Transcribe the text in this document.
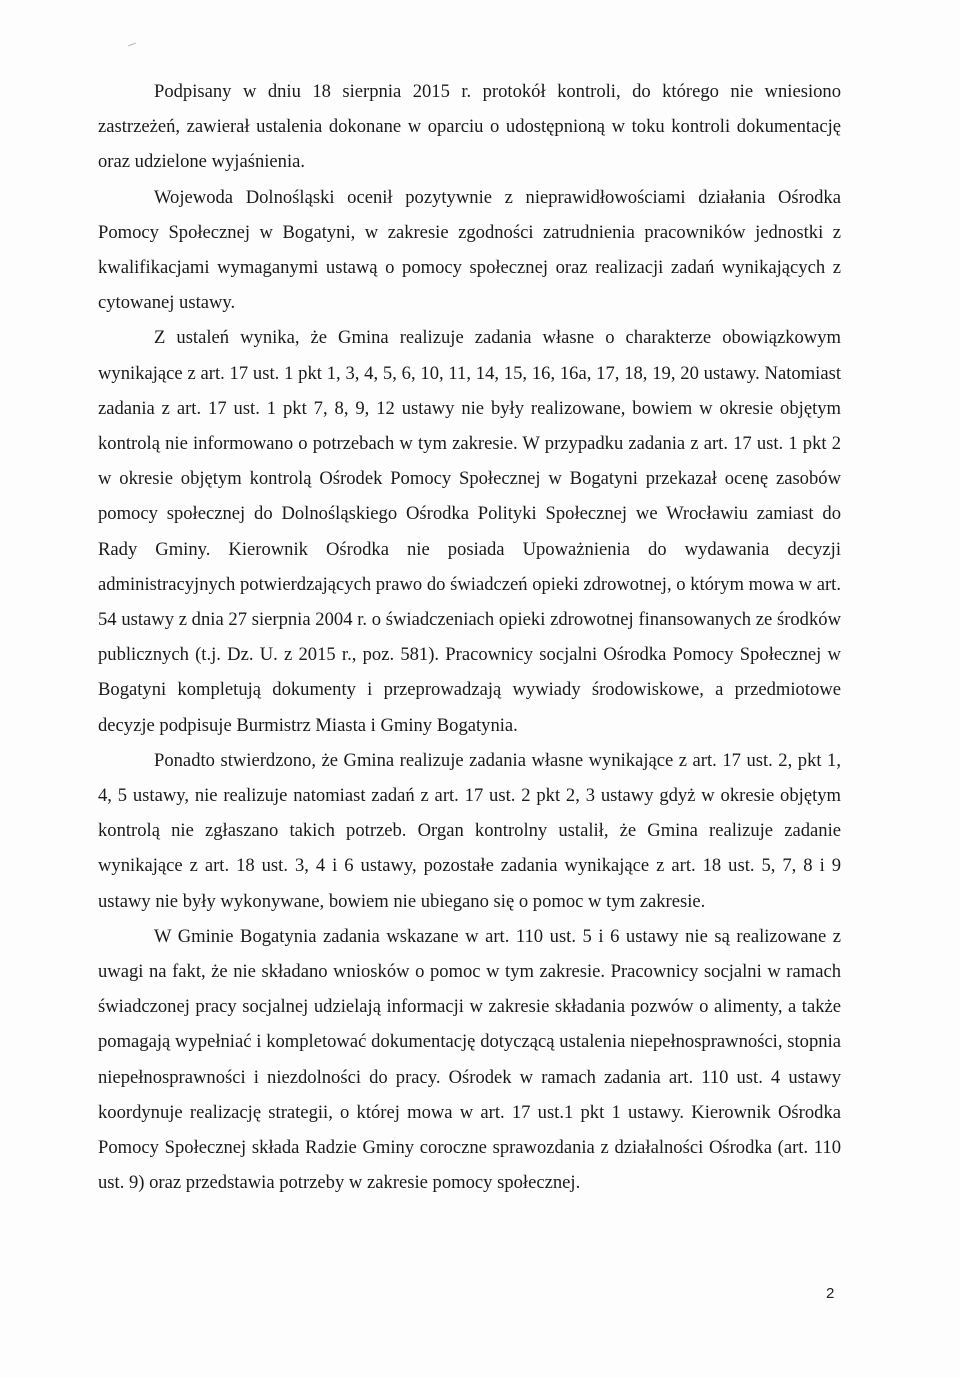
Podpisany w dniu 18 sierpnia 2015 r. protokół kontroli, do którego nie wniesiono zastrzeżeń, zawierał ustalenia dokonane w oparciu o udostępnioną w toku kontroli dokumentację oraz udzielone wyjaśnienia.

Wojewoda Dolnośląski ocenił pozytywnie z nieprawidłowościami działania Ośrodka Pomocy Społecznej w Bogatyni, w zakresie zgodności zatrudnienia pracowników jednostki z kwalifikacjami wymaganymi ustawą o pomocy społecznej oraz realizacji zadań wynikających z cytowanej ustawy.

Z ustaleń wynika, że Gmina realizuje zadania własne o charakterze obowiązkowym wynikające z art. 17 ust. 1 pkt 1, 3, 4, 5, 6, 10, 11, 14, 15, 16, 16a, 17, 18, 19, 20 ustawy. Natomiast zadania z art. 17 ust. 1 pkt 7, 8, 9, 12 ustawy nie były realizowane, bowiem w okresie objętym kontrolą nie informowano o potrzebach w tym zakresie. W przypadku zadania z art. 17 ust. 1 pkt 2 w okresie objętym kontrolą Ośrodek Pomocy Społecznej w Bogatyni przekazał ocenę zasobów pomocy społecznej do Dolnośląskiego Ośrodka Polityki Społecznej we Wrocławiu zamiast do Rady Gminy. Kierownik Ośrodka nie posiada Upoważnienia do wydawania decyzji administracyjnych potwierdzających prawo do świadczeń opieki zdrowotnej, o którym mowa w art. 54 ustawy z dnia 27 sierpnia 2004 r. o świadczeniach opieki zdrowotnej finansowanych ze środków publicznych (t.j. Dz. U. z 2015 r., poz. 581). Pracownicy socjalni Ośrodka Pomocy Społecznej w Bogatyni kompletują dokumenty i przeprowadzają wywiady środowiskowe, a przedmiotowe decyzje podpisuje Burmistrz Miasta i Gminy Bogatynia.

Ponadto stwierdzono, że Gmina realizuje zadania własne wynikające z art. 17 ust. 2, pkt 1, 4, 5 ustawy, nie realizuje natomiast zadań z art. 17 ust. 2 pkt 2, 3 ustawy gdyż w okresie objętym kontrolą nie zgłaszano takich potrzeb. Organ kontrolny ustalił, że Gmina realizuje zadanie wynikające z art. 18 ust. 3, 4 i 6 ustawy, pozostałe zadania wynikające z art. 18 ust. 5, 7, 8 i 9 ustawy nie były wykonywane, bowiem nie ubiegano się o pomoc w tym zakresie.

W Gminie Bogatynia zadania wskazane w art. 110 ust. 5 i 6 ustawy nie są realizowane z uwagi na fakt, że nie składano wniosków o pomoc w tym zakresie. Pracownicy socjalni w ramach świadczonej pracy socjalnej udzielają informacji w zakresie składania pozwów o alimenty, a także pomagają wypełniać i kompletować dokumentację dotyczącą ustalenia niepełnosprawności, stopnia niepełnosprawności i niezdolności do pracy. Ośrodek w ramach zadania art. 110 ust. 4 ustawy koordynuje realizację strategii, o której mowa w art. 17 ust.1 pkt 1 ustawy. Kierownik Ośrodka Pomocy Społecznej składa Radzie Gminy coroczne sprawozdania z działalności Ośrodka (art. 110 ust. 9) oraz przedstawia potrzeby w zakresie pomocy społecznej.

2
